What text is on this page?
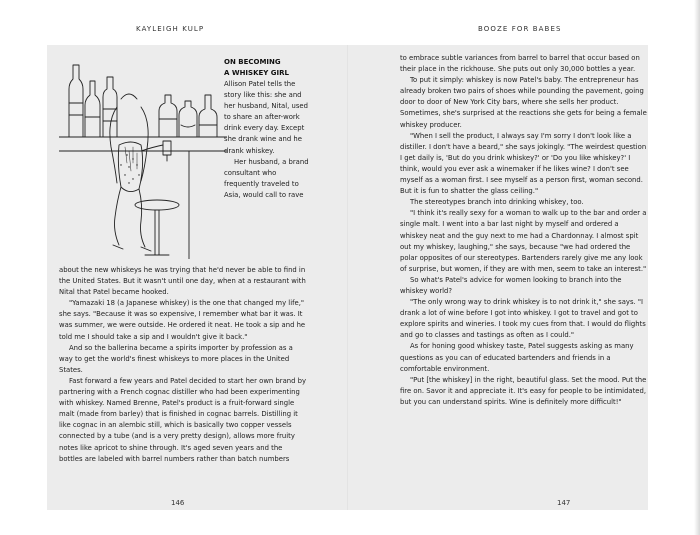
KAYLEIGH KULP	BOOZE FOR BABES

ON BECOMING

A WHISKEY GIRL

Allison Patel tells the story like this: she and her husband, Nital, used to share an after-work drink every day. Except she drank wine and he drank whiskey.

Her husband, a brand consultant who frequently traveled to Asia, would call to rave

about the new whiskeys he was trying that he'd never be able to find in the United States. But it wasn't until one day, when at a restaurant with Nital that Patel became hooked.

"Yamazaki 18 (a Japanese whiskey) is the one that changed my life," she says. "Because it was so expensive, I remember what bar it was. It was summer, we were outside. He ordered it neat. He took a sip and he told me I should take a sip and I wouldn't give it back."

And so the ballerina became a spirits importer by profession as a way to get the world's finest whiskeys to more places in the United States.

Fast forward a few years and Patel decided to start her own brand by partnering with a French cognac distiller who had been experimenting with whiskey. Named Brenne, Patel's product is a fruit-forward single malt (made from barley) that is finished in cognac barrels. Distilling it like cognac in an alembic still, which is basically two copper vessels connected by a tube (and is a very pretty design), allows more fruity notes like apricot to shine through. It's aged seven years and the bottles are labeled with barrel numbers rather than batch numbers

146

to embrace subtle variances from barrel to barrel that occur based on their place in the rickhouse. She puts out only 30,000 bottles a year.

To put it simply: whiskey is now Patel's baby. The entrepreneur has already broken two pairs of shoes while pounding the pavement, going door to door of New York City bars, where she sells her product. Sometimes, she's surprised at the reactions she gets for being a female whiskey producer.

"When I sell the product, I always say I'm sorry I don't look like a distiller. I don't have a beard," she says jokingly. "The weirdest question I get daily is, 'But do you drink whiskey?' or 'Do you like whiskey?' I think, would you ever ask a winemaker if he likes wine? I don't see myself as a woman first. I see myself as a person first, woman second. But it is fun to shatter the glass ceiling."

The stereotypes branch into drinking whiskey, too.

"I think it's really sexy for a woman to walk up to the bar and order a single malt. I went into a bar last night by myself and ordered a whiskey neat and the guy next to me had a Chardonnay. I almost spit out my whiskey, laughing," she says, because "we had ordered the polar opposites of our stereotypes. Bartenders rarely give me any look of surprise, but women, if they are with men, seem to take an interest."

So what's Patel's advice for women looking to branch into the whiskey world?

"The only wrong way to drink whiskey is to not drink it," she says. "I drank a lot of wine before I got into whiskey. I got to travel and got to explore spirits and wineries. I took my cues from that. I would do flights and go to classes and tastings as often as I could."

As for honing good whiskey taste, Patel suggests asking as many questions as you can of educated bartenders and friends in a comfortable environment.

"Put [the whiskey] in the right, beautiful glass. Set the mood. Put the fire on. Savor it and appreciate it. It's easy for people to be intimidated, but you can understand spirits. Wine is definitely more difficult!"

147
